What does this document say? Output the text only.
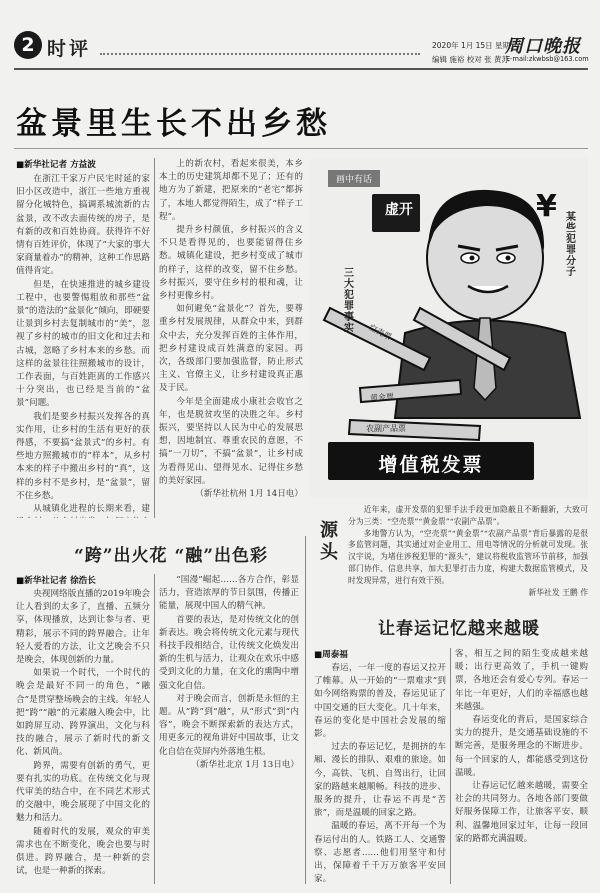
2 时评	2020年 1月 15日 星期三
编辑 施裕 校对 张 黄苏
周口晚报
E-mail:zkwbsb@163.com
盆景里生长不出乡愁
■新华社记者 方益波

在浙江千家万户民宅时延的家旧小区改造中，浙江一些地方重视留分化城特色，搞调系城流新的古盆景，改不改去面传统的房子，是有新的改和百姓协商。获得许不好情有百姓评价，体现了“大家的事大家商量着办”的精神，这种工作思路值得肯定。

但是，在快速推进的城乡建设工程中，也要警惕粗放和那些“盆景”的造法的“盆景化”倾向，即硬要让景到乡村去复制城市的“美”，忽视了乡村的城市的旧文化和过去和古城，忽略了乡村本来的乡愁。而这样的盆景往往照搬城市的设计，工作表面，与百姓距离的工作感兴十分突出，也已经是当前的“盆景”问题。

我们是要乡村振兴发挥各的真实作用，让乡村的生活有更好的获得感，不要搞“盆景式”的乡村。有些地方照搬城市的“样本”，从乡村本来的样子中搬出乡村的“真”，这样的乡村不是乡村，是“盆景”，留不住乡愁。

从城镇化进程的长期来看，建

上的新农村，看起来很美，本乡本土的历史建筑却都不见了；还有的地方为了新建，把原来的“老宅”都拆了，本地人都觉得陌生，成了“样子工程”。

提升乡村颜值，乡村振兴的含义不只是看得见的，也要能留得住乡愁。城镇化建设，把乡村变成了城市的样子，这样的改变，留不住乡愁。乡村振兴，要守住乡村的根和魂，让乡村更像乡村。

如何避免“盆景化”？首先，要尊重乡村发展规律，从群众中来，到群众中去，充分发挥百姓的主体作用，把乡村建设成百姓满意的家园。再次，各级部门要加强监督，防止形式主义、官僚主义，让乡村建设真正惠及于民。

今年是全面建成小康社会收官之年，也是脱贫攻坚的决胜之年。乡村振兴，要坚持以人民为中心的发展思想，因地制宜、尊重农民的意愿，不搞“一刀切”，不搞“盆景”，让乡村成为看得见山、望得见水、记得住乡愁的美好家园。

（新华社杭州 1月 14日电）

¥
画中有话
虚开
三大犯罪事实
某些犯罪分子
空壳票
黄金票
农副产品票
增值税发票
源头

近年来，虚开发票的犯罪手法手段更加隐蔽且不断翻新，大致可分为三类：“空壳票”“黄金票”“农副产品票”。

多地警方认为，“空壳票”“黄金票”“农副产品票”背后暴露的是很多监管问题，其实通过对企业用工、用电等情况的分析就可发现。张汉宇说，为堵住涉税犯罪的“源头”，建议将税收监管环节前移，加强部门协作、信息共享，加大犯罪打击力度，构建大数据监管模式，及时发现异常，进行有效干预。

新华社发 王鹏 作

“跨”出火花 “融”出色彩
■新华社记者 徐浩长

央视网络版直播的2019年晚会让人看到的太多了，直播、五频分享，体现播放，达到让参与者、更精彩，展示不同的跨界融合。让年轻人爱看的方法，让文艺晚会不只是晚会，体现创新的力量。

如果说一个时代，一个时代的晚会是最好不同一的角色，“融合”是贯穿整场晚会的主线。年轻人把“跨”“融”的元素融入晚会中，比如跨屏互动、跨界演出，文化与科技的融合，展示了新时代的新文化、新风尚。

跨界，需要有创新的勇气，更要有扎实的功底。在传统文化与现代审美的结合中，在不同艺术形式的交融中，晚会展现了中国文化的魅力和活力。

随着时代的发展，观众的审美需求也在不断变化，晚会也要与时俱进。跨界融合，是一种新的尝试，也是一种新的探索。

“国漫”崛起……各方合作，彰显活力，营造浓厚的节日氛围，传播正能量，展现中国人的精气神。

首要的表达，是对传统文化的创新表达。晚会将传统文化元素与现代科技手段相结合，让传统文化焕发出新的生机与活力，让观众在欢乐中感受到文化的力量，在文化的熏陶中增强文化自信。

对于晚会而言，创新是永恒的主题。从“跨”到“融”，从“形式”到“内容”，晚会不断探索新的表达方式，用更多元的视角讲好中国故事，让文化自信在荧屏内外落地生根。

（新华社北京 1月 13日电）

让春运记忆越来越暖
■周泰福

春运，一年一度的春运又拉开了帷幕。从一开始的“一票难求”到如今网络购票的普及，春运见证了中国交通的巨大变化。几十年来，春运的变化是中国社会发展的缩影。

过去的春运记忆，是拥挤的车厢、漫长的排队、艰难的旅途。如今，高铁、飞机、自驾出行，让回家的路越来越顺畅。科技的进步、服务的提升，让春运不再是“苦旅”，而是温暖的回家之路。

温暖的春运，离不开每一个为春运付出的人。铁路工人、交通警察、志愿者……他们用坚守和付出，保障着千千万万旅客平安回家。

客，相互之间的陌生变成越来越暖；出行更高效了，手机一键购票，各地还会有爱心专列。春运一年比一年更好，人们的幸福感也越来越强。

春运变化的背后，是国家综合实力的提升，是交通基础设施的不断完善，是服务理念的不断进步。每一个回家的人，都能感受到这份温暖。

让春运记忆越来越暖，需要全社会的共同努力。各地各部门要做好服务保障工作，让旅客平安、顺利、温馨地回家过年，让每一段回家的路都充满温暖。
